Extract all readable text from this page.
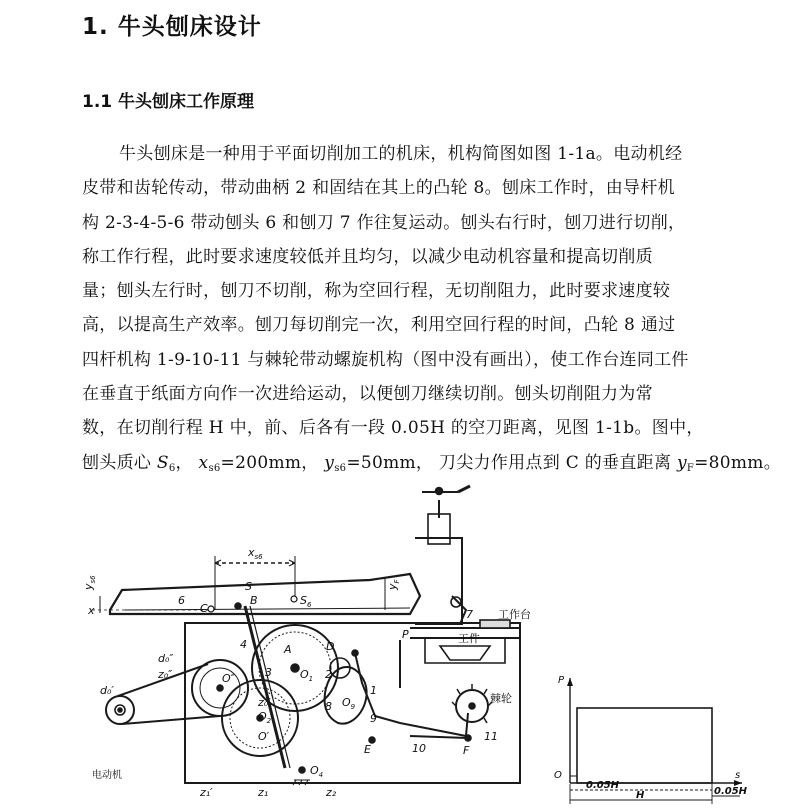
1. 牛头刨床设计
1.1 牛头刨床工作原理
牛头刨床是一种用于平面切削加工的机床，机构简图如图 1-1a。电动机经
皮带和齿轮传动，带动曲柄 2 和固结在其上的凸轮 8。刨床工作时，由导杆机
构 2-3-4-5-6 带动刨头 6 和刨刀 7 作往复运动。刨头右行时，刨刀进行切削，
称工作行程，此时要求速度较低并且均匀，以减少电动机容量和提高切削质
量；刨头左行时，刨刀不切削，称为空回行程，无切削阻力，此时要求速度较
高，以提高生产效率。刨刀每切削完一次，利用空回行程的时间，凸轮 8 通过
四杆机构 1-9-10-11 与棘轮带动螺旋机构（图中没有画出），使工作台连同工件
在垂直于纸面方向作一次进给运动，以便刨刀继续切削。刨头切削阻力为常
数，在切削行程 H 中，前、后各有一段 0.05H 的空刀距离，见图 1-1b。图中，
刨头质心 $S_6$， $x_{s6}=200mm$， $y_{s6}=50mm$， 刀尖力作用点到 C 的垂直距离 $y_F=80mm$。
$x_{s6}$
$y_{s6}$
x
6
C
S
B	$S_6$
$y_F$
7 工作台
工件
P
4	A	D
2
3
1
$O_1$
$O_2$
$O_4$
$O_9$
8
9
10
11
E	F
棘轮
d₀″
z₀″
d₀′
z₀′
电动机
z₁′	z₁	z₂
O″
O′
P
O	s
0.05H
H	0.05H
